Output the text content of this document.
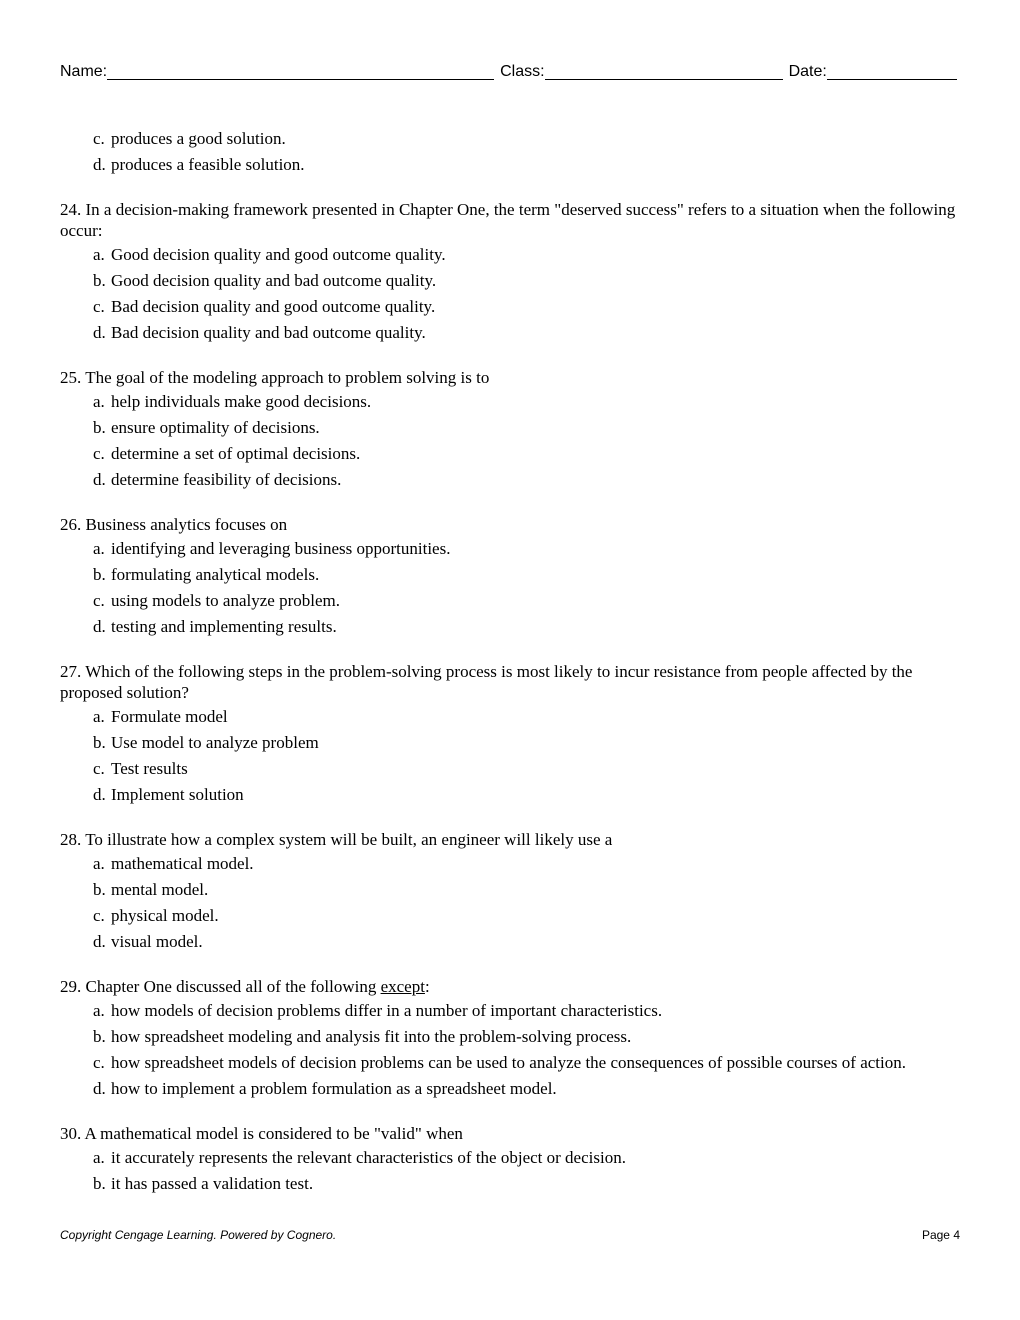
Name:	Class:	Date:
c. produces a good solution.
d. produces a feasible solution.
24. In a decision-making framework presented in Chapter One, the term "deserved success" refers to a situation when the following occur:
a. Good decision quality and good outcome quality.
b. Good decision quality and bad outcome quality.
c. Bad decision quality and good outcome quality.
d. Bad decision quality and bad outcome quality.
25. The goal of the modeling approach to problem solving is to
a. help individuals make good decisions.
b. ensure optimality of decisions.
c. determine a set of optimal decisions.
d. determine feasibility of decisions.
26. Business analytics focuses on
a. identifying and leveraging business opportunities.
b. formulating analytical models.
c. using models to analyze problem.
d. testing and implementing results.
27. Which of the following steps in the problem-solving process is most likely to incur resistance from people affected by the proposed solution?
a. Formulate model
b. Use model to analyze problem
c. Test results
d. Implement solution
28. To illustrate how a complex system will be built, an engineer will likely use a
a. mathematical model.
b. mental model.
c. physical model.
d. visual model.
29. Chapter One discussed all of the following except:
a. how models of decision problems differ in a number of important characteristics.
b. how spreadsheet modeling and analysis fit into the problem-solving process.
c. how spreadsheet models of decision problems can be used to analyze the consequences of possible courses of action.
d. how to implement a problem formulation as a spreadsheet model.
30. A mathematical model is considered to be "valid" when
a. it accurately represents the relevant characteristics of the object or decision.
b. it has passed a validation test.
Copyright Cengage Learning. Powered by Cognero.	Page 4
